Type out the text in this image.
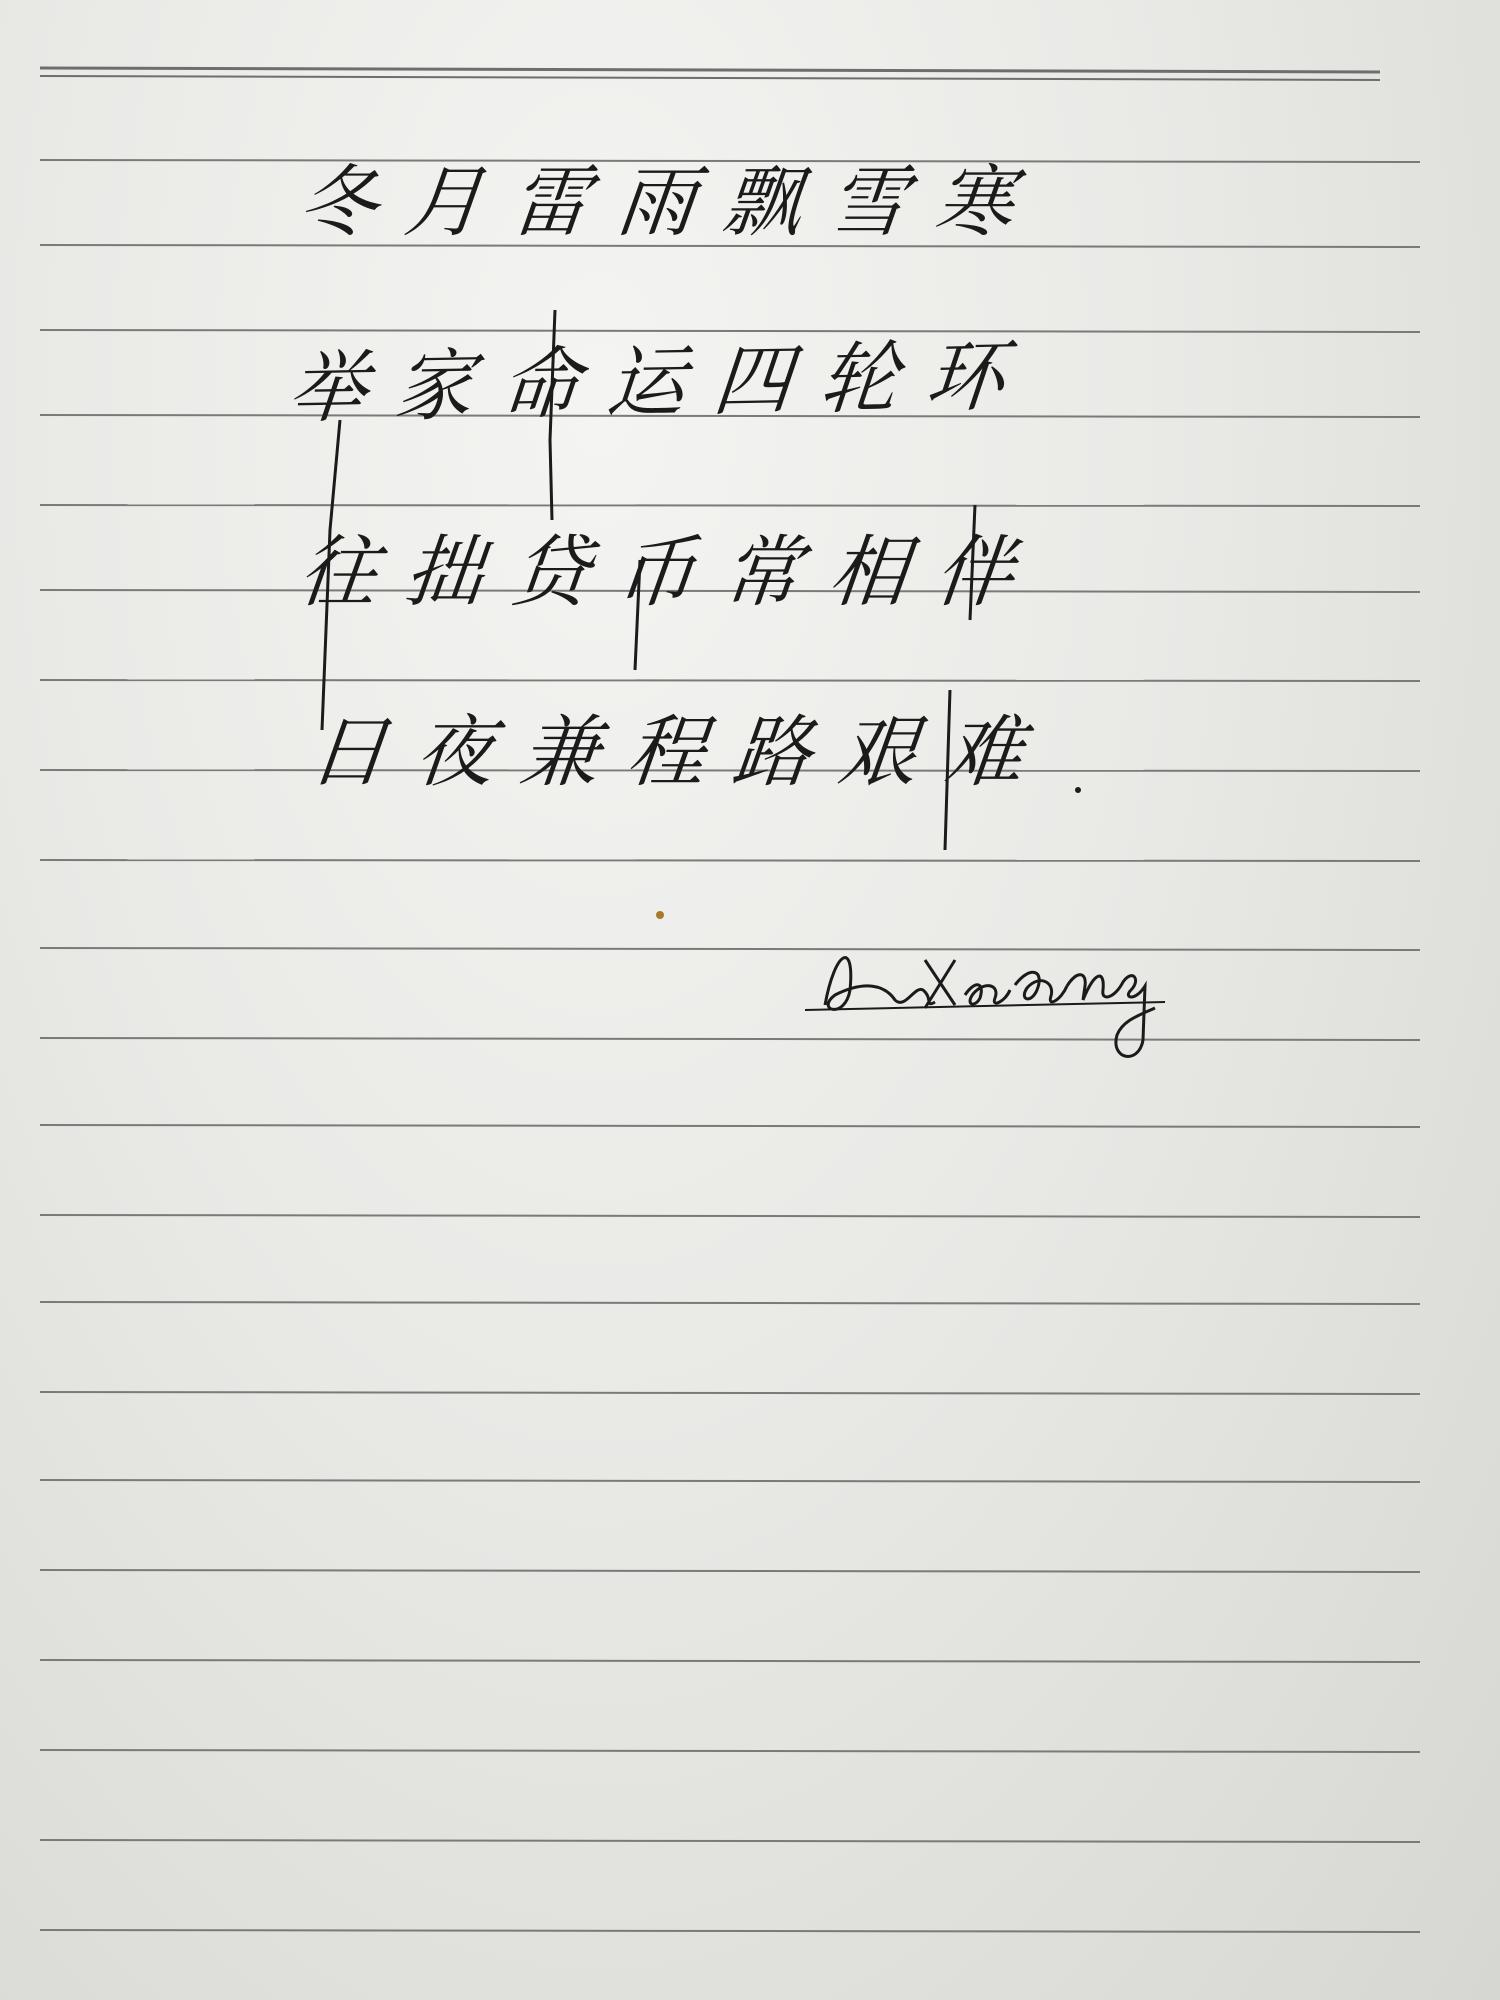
冬月雷雨飘雪寒

举家命运四轮环

往拙贷币常相伴

日夜兼程路艰难
